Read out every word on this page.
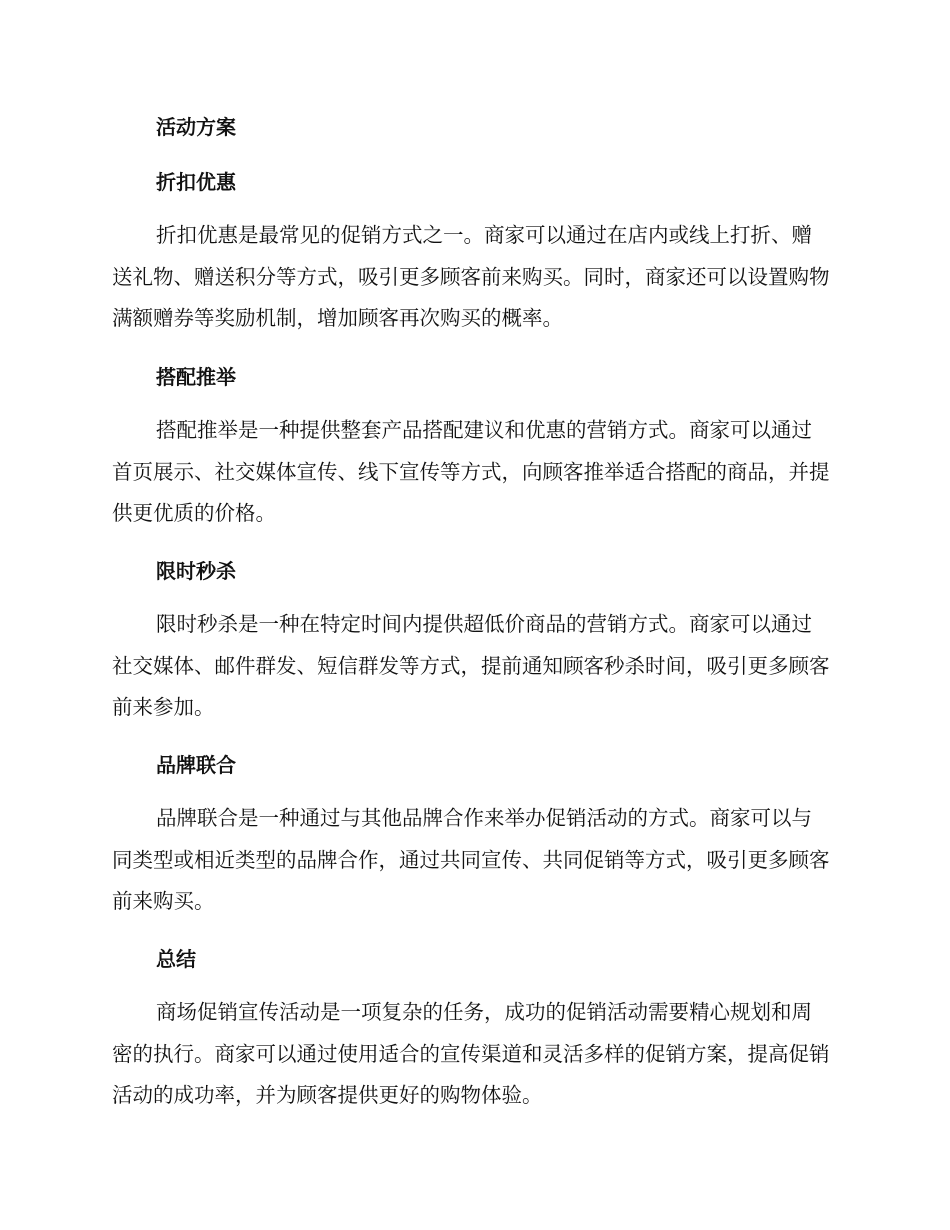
活动方案
折扣优惠
折扣优惠是最常见的促销方式之一。商家可以通过在店内或线上打折、赠送礼物、赠送积分等方式，吸引更多顾客前来购买。同时，商家还可以设置购物满额赠券等奖励机制，增加顾客再次购买的概率。
搭配推举
搭配推举是一种提供整套产品搭配建议和优惠的营销方式。商家可以通过首页展示、社交媒体宣传、线下宣传等方式，向顾客推举适合搭配的商品，并提供更优质的价格。
限时秒杀
限时秒杀是一种在特定时间内提供超低价商品的营销方式。商家可以通过社交媒体、邮件群发、短信群发等方式，提前通知顾客秒杀时间，吸引更多顾客前来参加。
品牌联合
品牌联合是一种通过与其他品牌合作来举办促销活动的方式。商家可以与同类型或相近类型的品牌合作，通过共同宣传、共同促销等方式，吸引更多顾客前来购买。
总结
商场促销宣传活动是一项复杂的任务，成功的促销活动需要精心规划和周密的执行。商家可以通过使用适合的宣传渠道和灵活多样的促销方案，提高促销活动的成功率，并为顾客提供更好的购物体验。
